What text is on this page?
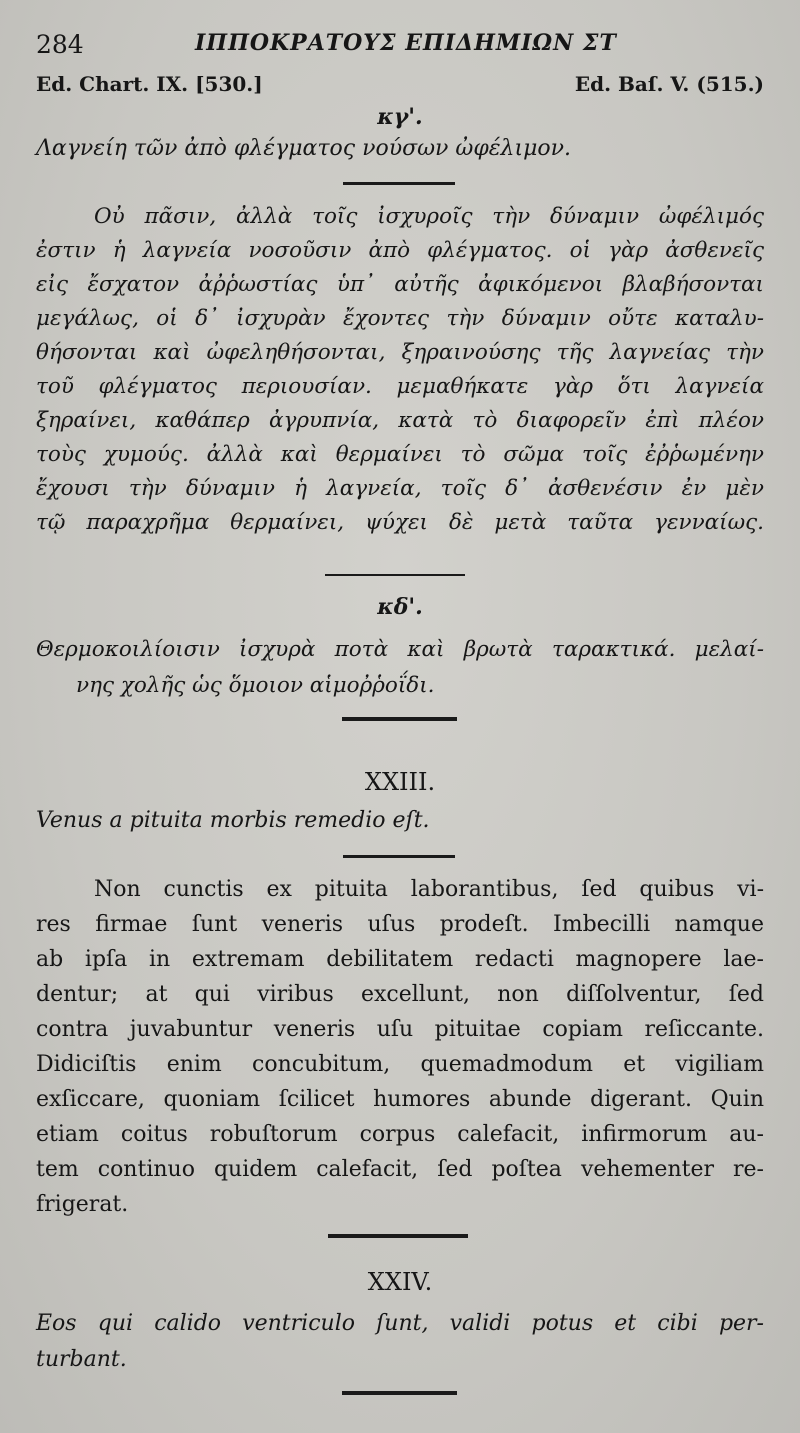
284	ΙΠΠΟΚΡΑΤΟΥΣ ΕΠΙΔΗΜΙΩΝ ΣΤ
Ed. Chart. IX. [530.]	Ed. Baſ. V. (515.)
κγ'.
Λαγνείη τῶν ἀπὸ φλέγματος νούσων ὠφέλιμον.
Οὐ πᾶσιν, ἀλλὰ τοῖς ἰσχυροῖς τὴν δύναμιν ὠφέλιμός
ἐστιν ἡ λαγνεία νοσοῦσιν ἀπὸ φλέγματος. οἱ γὰρ ἀσθενεῖς
εἰς ἔσχατον ἀῤῥωστίας ὑπ᾽ αὐτῆς ἀφικόμενοι βλαβήσονται
μεγάλως, οἱ δ᾽ ἰσχυρὰν ἔχοντες τὴν δύναμιν οὔτε καταλυ-
θήσονται καὶ ὠφεληθήσονται, ξηραινούσης τῆς λαγνείας τὴν
τοῦ φλέγματος περιουσίαν. μεμαθήκατε γὰρ ὅτι λαγνεία
ξηραίνει, καθάπερ ἀγρυπνία, κατὰ τὸ διαφορεῖν ἐπὶ πλέον
τοὺς χυμούς. ἀλλὰ καὶ θερμαίνει τὸ σῶμα τοῖς ἐῤῥωμένην
ἔχουσι τὴν δύναμιν ἡ λαγνεία, τοῖς δ᾽ ἀσθενέσιν ἐν μὲν
τῷ παραχρῆμα θερμαίνει, ψύχει δὲ μετὰ ταῦτα γενναίως.
κδ'.
Θερμοκοιλίοισιν ἰσχυρὰ ποτὰ καὶ βρωτὰ ταρακτικά. μελαί-
νης χολῆς ὡς ὅμοιον αἱμοῤῥοΐδι.
XXIII.
Venus a pituita morbis remedio eſt.
Non cunctis ex pituita laborantibus, ſed quibus vi-
res firmae ſunt veneris uſus prodeſt. Imbecilli namque
ab ipſa in extremam debilitatem redacti magnopere lae-
dentur; at qui viribus excellunt, non diſſolventur, ſed
contra juvabuntur veneris uſu pituitae copiam reſiccante.
Didiciſtis enim concubitum, quemadmodum et vigiliam
exſiccare, quoniam ſcilicet humores abunde digerant. Quin
etiam coitus robuſtorum corpus calefacit, infirmorum au-
tem continuo quidem calefacit, ſed poſtea vehementer re-
frigerat.
XXIV.
Eos qui calido ventriculo ſunt, validi potus et cibi per-
turbant.
